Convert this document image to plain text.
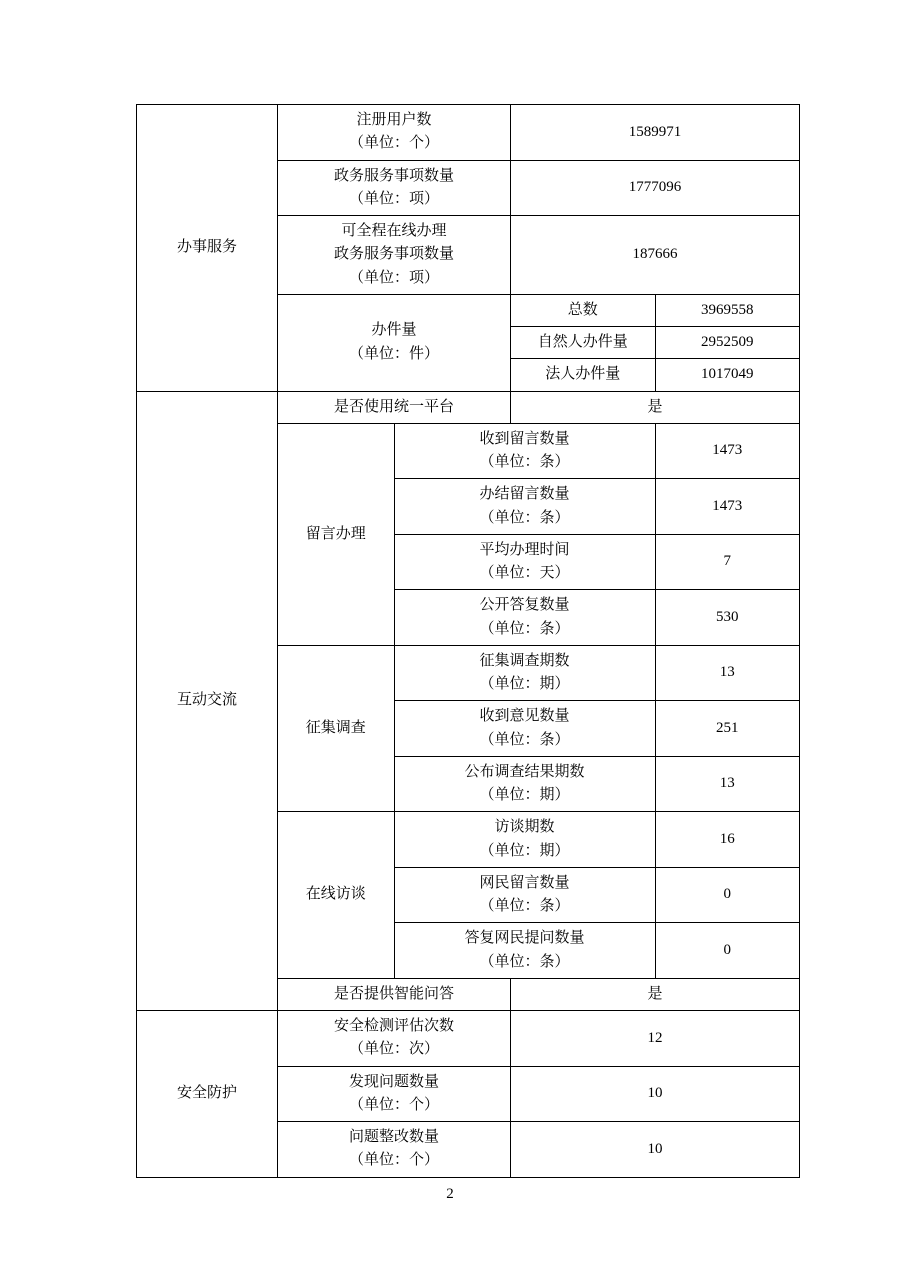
办事服务	注册用户数
（单位：个）		1589971	

	政务服务事项数量
（单位：项）		1777096	

	可全程在线办理
政务服务事项数量
（单位：项）		187666	

	办件量
（单位：件）		总数	3969558
			自然人办件量	2952509
			法人办件量	1017049
互动交流	是否使用统一平台		是	
	留言办理	收到留言数量
（单位：条）		1473

		办结留言数量
（单位：条）		1473

		平均办理时间
（单位：天）		7

		公开答复数量
（单位：条）		530
	征集调查	征集调查期数
（单位：期）		13

		收到意见数量
（单位：条）		251

		公布调查结果期数
（单位：期）		13
	在线访谈	访谈期数
（单位：期）		16

		网民留言数量
（单位：条）		0

		答复网民提问数量
（单位：条）		0
	是否提供智能问答		是	
安全防护	安全检测评估次数
（单位：次）		12	

	发现问题数量
（单位：个）		10	

	问题整改数量
（单位：个）		10	
2
